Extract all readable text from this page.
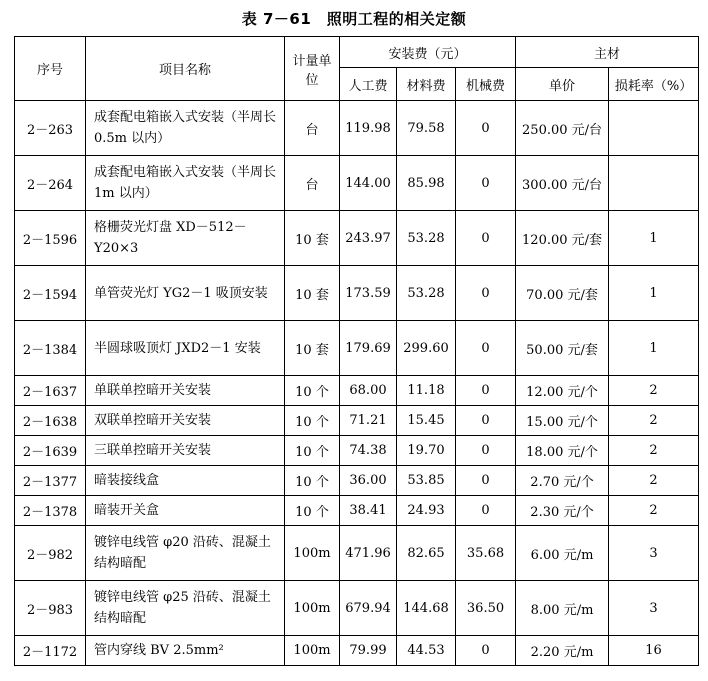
表 7－61　照明工程的相关定额
序号	项目名称	计量单位	安装费（元）			主材	
			人工费	材料费	机械费	单价	损耗率（%）
2－263	成套配电箱嵌入式安装（半周长 0.5m 以内）	台	119.98	79.58	0	250.00 元/台	
2－264	成套配电箱嵌入式安装（半周长 1m 以内）	台	144.00	85.98	0	300.00 元/台	
2－1596	格栅荧光灯盘 XD－512－Y20×3	10 套	243.97	53.28	0	120.00 元/套	1
2－1594	单管荧光灯 YG2－1 吸顶安装	10 套	173.59	53.28	0	70.00 元/套	1
2－1384	半圆球吸顶灯 JXD2－1 安装	10 套	179.69	299.60	0	50.00 元/套	1
2－1637	单联单控暗开关安装	10 个	68.00	11.18	0	12.00 元/个	2
2－1638	双联单控暗开关安装	10 个	71.21	15.45	0	15.00 元/个	2
2－1639	三联单控暗开关安装	10 个	74.38	19.70	0	18.00 元/个	2
2－1377	暗装接线盒	10 个	36.00	53.85	0	2.70 元/个	2
2－1378	暗装开关盒	10 个	38.41	24.93	0	2.30 元/个	2
2－982	镀锌电线管 φ20 沿砖、混凝土结构暗配	100m	471.96	82.65	35.68	6.00 元/m	3
2－983	镀锌电线管 φ25 沿砖、混凝土结构暗配	100m	679.94	144.68	36.50	8.00 元/m	3
2－1172	管内穿线 BV 2.5mm²	100m	79.99	44.53	0	2.20 元/m	16
